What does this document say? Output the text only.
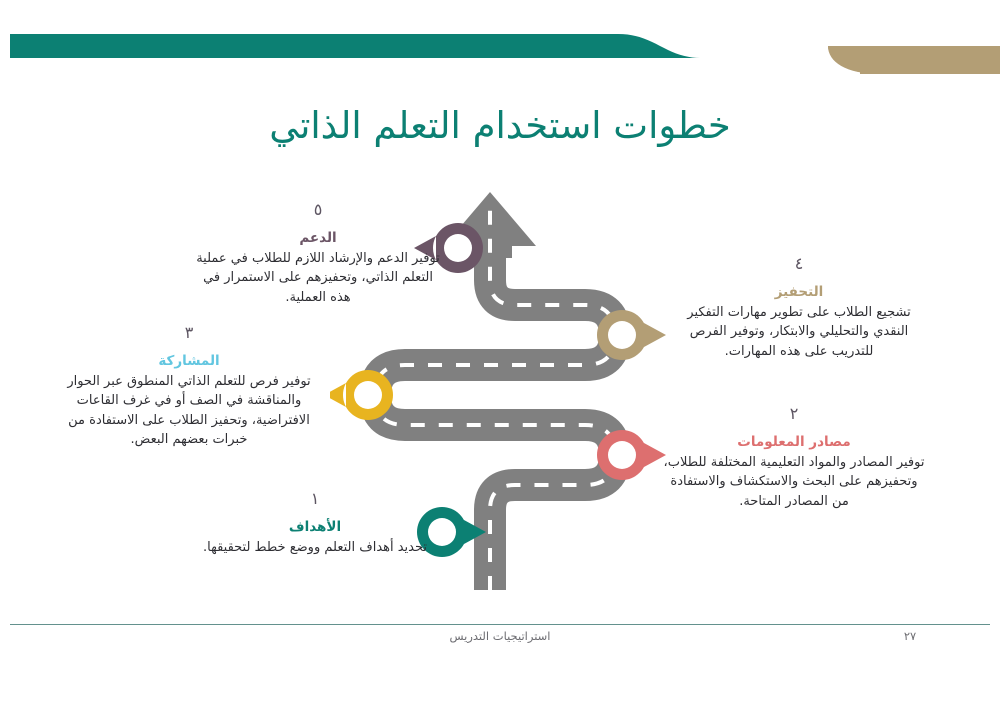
خطوات استخدام التعلم الذاتي
٥
الدعم
توفير الدعم والإرشاد اللازم للطلاب في عملية التعلم الذاتي، وتحفيزهم على الاستمرار في هذه العملية.
٤
التحفيز
تشجيع الطلاب على تطوير مهارات التفكير النقدي والتحليلي والابتكار، وتوفير الفرص للتدريب على هذه المهارات.
٣
المشاركة
توفير فرص للتعلم الذاتي المنطوق عبر الحوار والمناقشة في الصف أو في غرف القاعات الافتراضية، وتحفيز الطلاب على الاستفادة من خبرات بعضهم البعض.
٢
مصادر المعلومات
توفير المصادر والمواد التعليمية المختلفة للطلاب، وتحفيزهم على البحث والاستكشاف والاستفادة من المصادر المتاحة.
١
الأهداف
تحديد أهداف التعلم ووضع خطط لتحقيقها.
استراتيجيات التدريس	٢٧
